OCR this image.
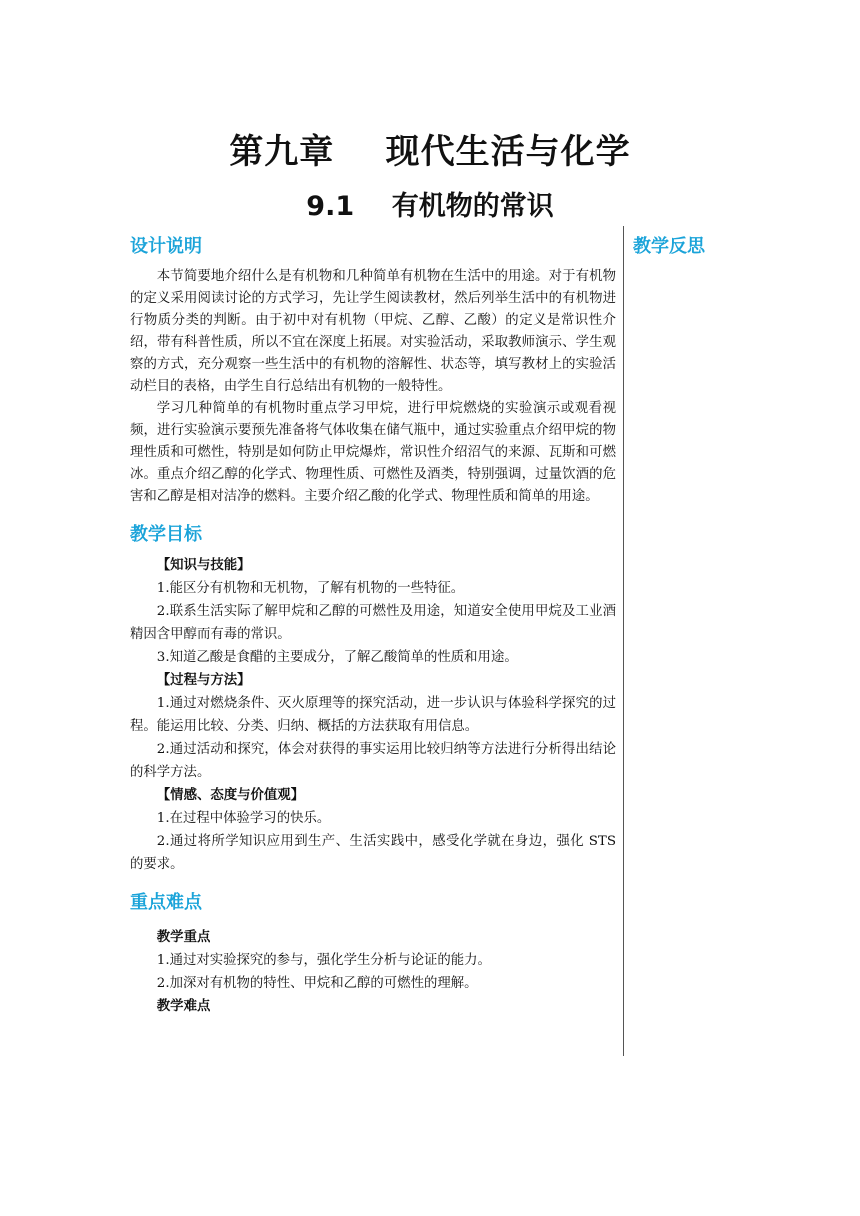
第九章    现代生活与化学
9.1    有机物的常识
设计说明

本节简要地介绍什么是有机物和几种简单有机物在生活中的用途。对于有机物的定义采用阅读讨论的方式学习，先让学生阅读教材，然后列举生活中的有机物进行物质分类的判断。由于初中对有机物（甲烷、乙醇、乙酸）的定义是常识性介绍，带有科普性质，所以不宜在深度上拓展。对实验活动，采取教师演示、学生观察的方式，充分观察一些生活中的有机物的溶解性、状态等，填写教材上的实验活动栏目的表格，由学生自行总结出有机物的一般特性。

学习几种简单的有机物时重点学习甲烷，进行甲烷燃烧的实验演示或观看视频，进行实验演示要预先准备将气体收集在储气瓶中，通过实验重点介绍甲烷的物理性质和可燃性，特别是如何防止甲烷爆炸，常识性介绍沼气的来源、瓦斯和可燃冰。重点介绍乙醇的化学式、物理性质、可燃性及酒类，特别强调，过量饮酒的危害和乙醇是相对洁净的燃料。主要介绍乙酸的化学式、物理性质和简单的用途。

教学目标

【知识与技能】

1.能区分有机物和无机物，了解有机物的一些特征。

2.联系生活实际了解甲烷和乙醇的可燃性及用途，知道安全使用甲烷及工业酒精因含甲醇而有毒的常识。

3.知道乙酸是食醋的主要成分，了解乙酸简单的性质和用途。

【过程与方法】

1.通过对燃烧条件、灭火原理等的探究活动，进一步认识与体验科学探究的过程。能运用比较、分类、归纳、概括的方法获取有用信息。

2.通过活动和探究，体会对获得的事实运用比较归纳等方法进行分析得出结论的科学方法。

【情感、态度与价值观】

1.在过程中体验学习的快乐。

2.通过将所学知识应用到生产、生活实践中，感受化学就在身边，强化 STS 的要求。

重点难点

教学重点

1.通过对实验探究的参与，强化学生分析与论证的能力。

2.加深对有机物的特性、甲烷和乙醇的可燃性的理解。

教学难点

教学反思
